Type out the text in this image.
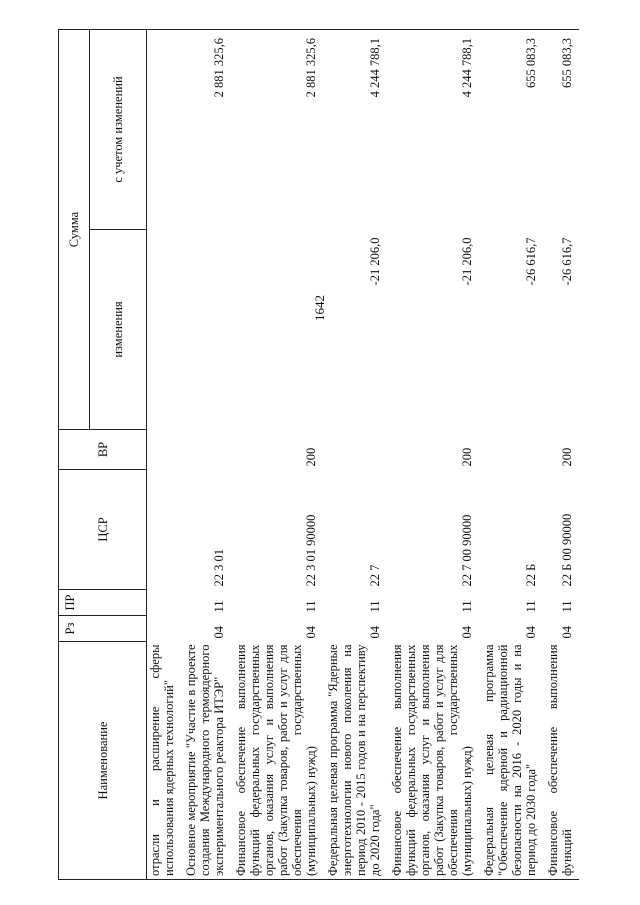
1642
Наименование	Рз	ПР	ЦСР	ВР	Сумма	
					изменения	с учетом изменений
отрасли и расширение сферы использования ядерных технологий"						
Основное мероприятие "Участие в проекте создания Международного термоядерного экспериментального реактора ИТЭР"	04	11	22 3 01			2 881 325,6
Финансовое обеспечение выполнения функций федеральных государственных органов, оказания услуг и выполнения работ (Закупка товаров, работ и услуг для обеспечения государственных (муниципальных) нужд)	04	11	22 3 01 90000	200		2 881 325,6
Федеральная целевая программа "Ядерные энерготехнологии нового поколения на период 2010 - 2015 годов и на перспективу до 2020 года"	04	11	22 7		-21 206,0	4 244 788,1
Финансовое обеспечение выполнения функций федеральных государственных органов, оказания услуг и выполнения работ (Закупка товаров, работ и услуг для обеспечения государственных (муниципальных) нужд)	04	11	22 7 00 90000	200	-21 206,0	4 244 788,1
Федеральная целевая программа "Обеспечение ядерной и радиационной безопасности на 2016 - 2020 годы и на период до 2030 года"	04	11	22 Б		-26 616,7	655 083,3
Финансовое обеспечение выполнения функций	04	11	22 Б 00 90000	200	-26 616,7	655 083,3
